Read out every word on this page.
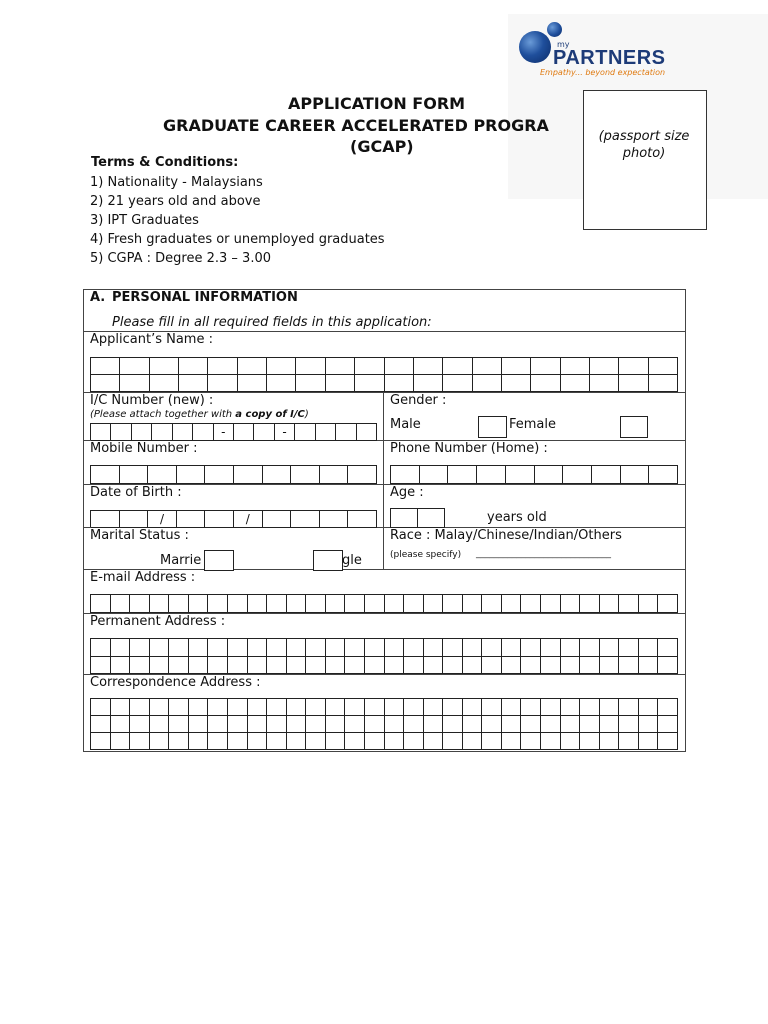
my
PARTNERS
Empathy... beyond expectation
APPLICATION FORM
GRADUATE CAREER ACCELERATED PROGRA
(GCAP)
(passport size photo)
Terms & Conditions:
1) Nationality - Malaysians
2) 21 years old and above
3) IPT Graduates
4) Fresh graduates or unemployed graduates
5) CGPA : Degree 2.3 – 3.00
A. PERSONAL INFORMATION
Please fill in all required fields in this application:
Applicant’s Name :
I/C Number (new) :
(Please attach together with a copy of I/C)
-	-
Gender :
Male	Female
Mobile Number :	Phone Number (Home) :
Date of Birth :
/	/
Age :
years old
Marital Status :
Marrie	gle
Race : Malay/Chinese/Indian/Others
(please specify) ______________________________
E-mail Address :
Permanent Address :
Correspondence Address :
